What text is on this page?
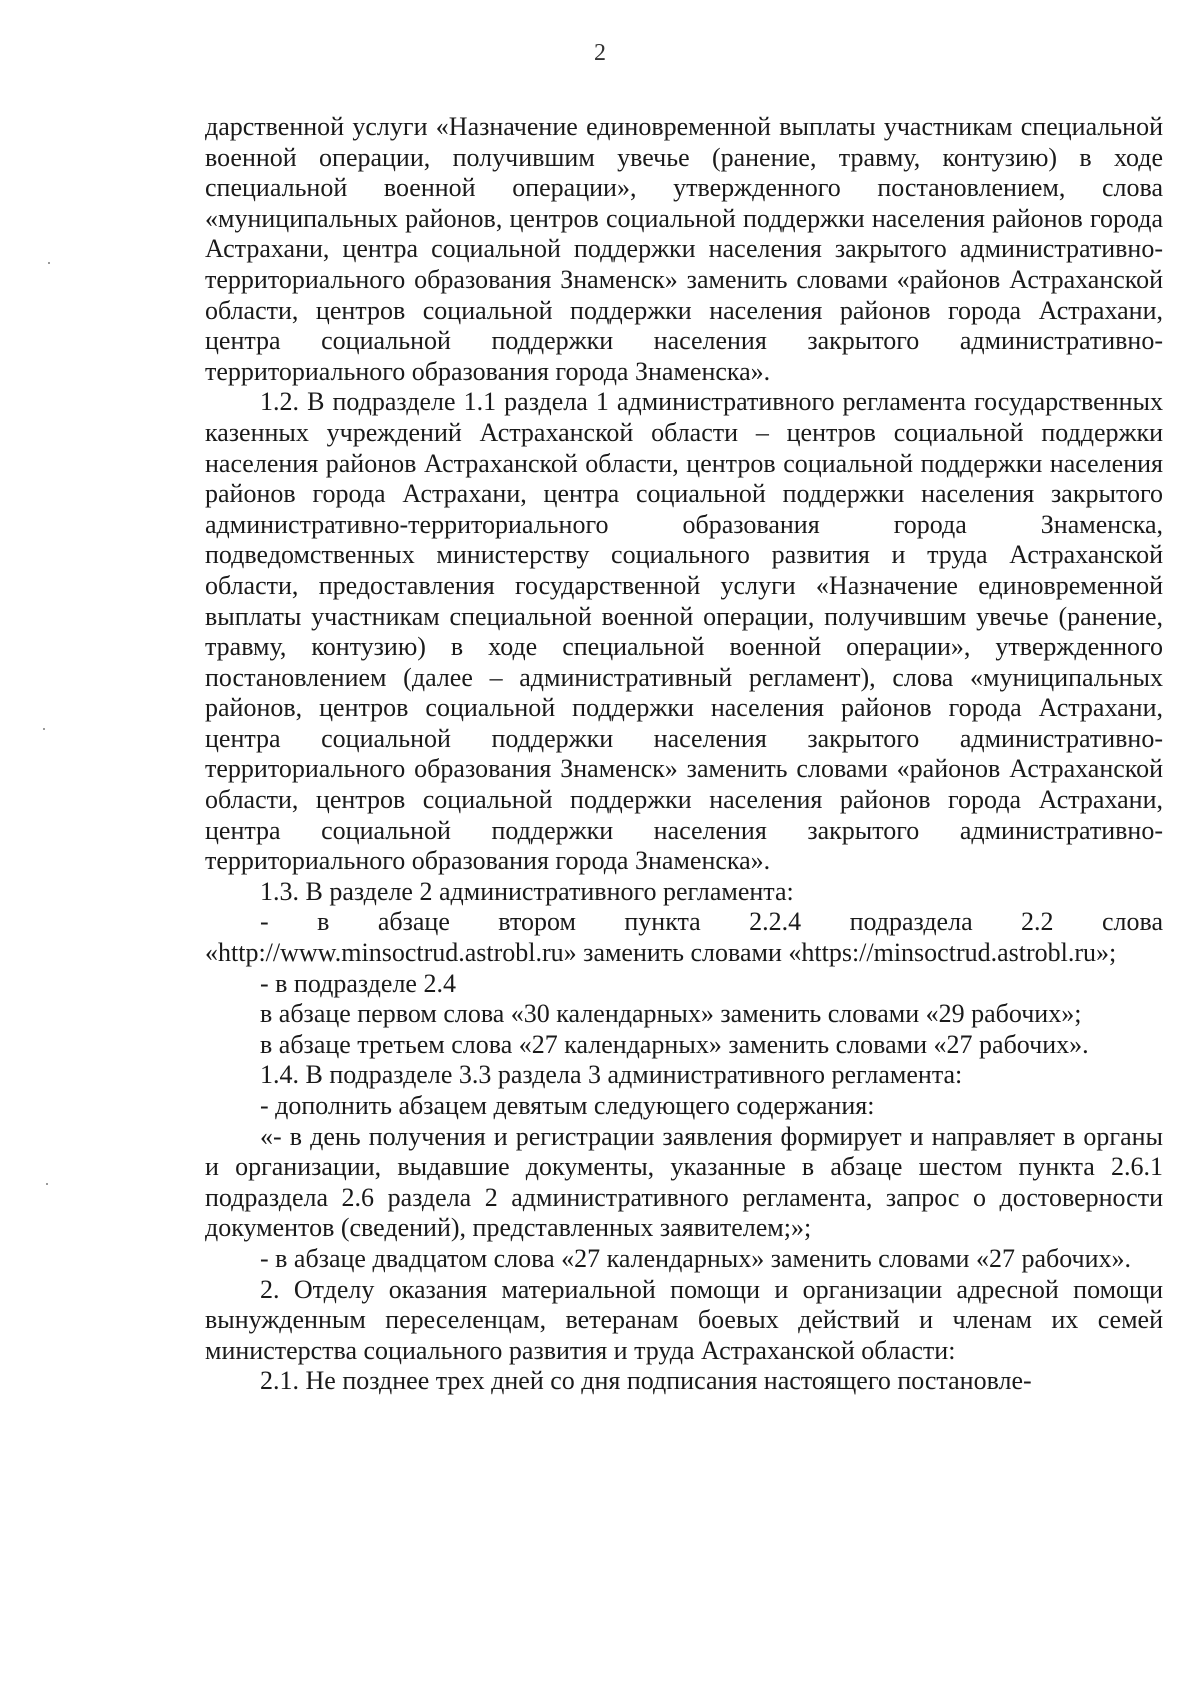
2

дарственной услуги «Назначение единовременной выплаты участникам специальной военной операции, получившим увечье (ранение, травму, контузию) в ходе специальной военной операции», утвержденного постановлением, слова «муниципальных районов, центров социальной поддержки населения районов города Астрахани, центра социальной поддержки населения закрытого административно-территориального образования Знаменск» заменить словами «районов Астраханской области, центров социальной поддержки населения районов города Астрахани, центра социальной поддержки населения закрытого административно-территориального образования города Знаменска».

1.2. В подразделе 1.1 раздела 1 административного регламента государственных казенных учреждений Астраханской области – центров социальной поддержки населения районов Астраханской области, центров социальной поддержки населения районов города Астрахани, центра социальной поддержки населения закрытого административно-территориального образования города Знаменска, подведомственных министерству социального развития и труда Астраханской области, предоставления государственной услуги «Назначение единовременной выплаты участникам специальной военной операции, получившим увечье (ранение, травму, контузию) в ходе специальной военной операции», утвержденного постановлением (далее – административный регламент), слова «муниципальных районов, центров социальной поддержки населения районов города Астрахани, центра социальной поддержки населения закрытого административно-территориального образования Знаменск» заменить словами «районов Астраханской области, центров социальной поддержки населения районов города Астрахани, центра социальной поддержки населения закрытого административно-территориального образования города Знаменска».

1.3. В разделе 2 административного регламента:

- в абзаце втором пункта 2.2.4 подраздела 2.2 слова «http://www.minsoctrud.astrobl.ru» заменить словами «https://minsoctrud.astrobl.ru»;

- в подразделе 2.4

в абзаце первом слова «30 календарных» заменить словами «29 рабочих»;

в абзаце третьем слова «27 календарных» заменить словами «27 рабочих».

1.4. В подразделе 3.3 раздела 3 административного регламента:

- дополнить абзацем девятым следующего содержания:

«- в день получения и регистрации заявления формирует и направляет в органы и организации, выдавшие документы, указанные в абзаце шестом пункта 2.6.1 подраздела 2.6 раздела 2 административного регламента, запрос о достоверности документов (сведений), представленных заявителем;»;

- в абзаце двадцатом слова «27 календарных» заменить словами «27 рабочих».

2. Отделу оказания материальной помощи и организации адресной помощи вынужденным переселенцам, ветеранам боевых действий и членам их семей министерства социального развития и труда Астраханской области:

2.1. Не позднее трех дней со дня подписания настоящего постановле-
